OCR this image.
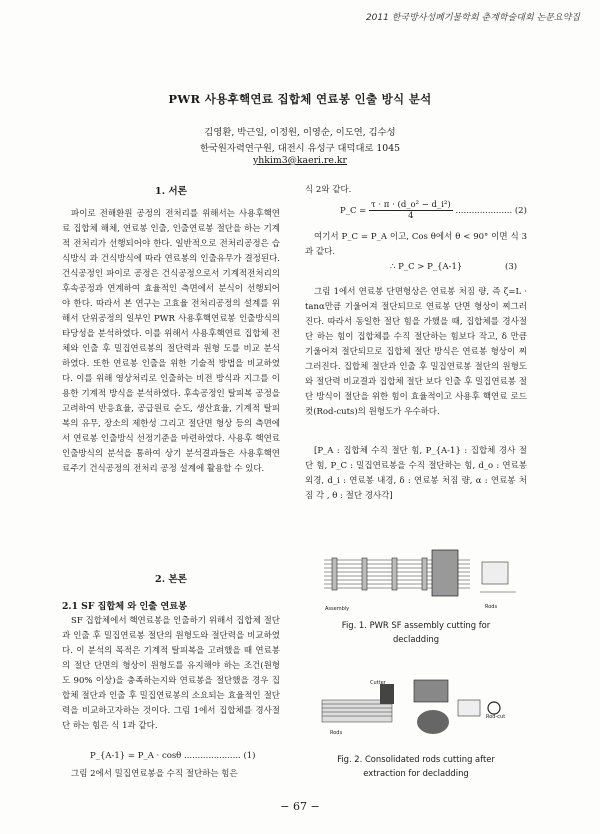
2011 한국방사성폐기물학회 춘계학술대회 논문요약집
PWR 사용후핵연료 집합체 연료봉 인출 방식 분석
김영환, 박근일, 이정원, 이영순, 이도연, 김수성
한국원자력연구원, 대전시 유성구 대덕대로 1045
yhkim3@kaeri.re.kr
1. 서론

파이로 전해환원 공정의 전처리를 위해서는 사용후핵연료 집합체 해체, 연료봉 인출, 인출연료봉 절단을 하는 기계적 전처리가 선행되어야 한다. 일반적으로 전처리공정은 습식방식 과 건식방식에 따라 연료봉의 인출유무가 결정된다. 건식공정인 파이로 공정은 건식공정으로서 기계적전처리의 후속공정과 연계하여 효율적인 측면에서 분식이 선행되어야 한다. 따라서 본 연구는 고효율 전처리공정의 설계를 위해서 단위공정의 일부인 PWR 사용후핵연료봉 인출방식의 타당성을 분석하였다. 이를 위해서 사용후핵연료 집합체 전체와 인출 후 밀집연료봉의 절단력과 원형 도를 비교 분석하였다. 또한 연료봉 인출을 위한 기술적 방법을 비교하였다. 이를 위해 영상처리로 인출하는 비전 방식과 지그를 이용한 기계적 방식을 분석하였다. 후속공정인 탈피복 공정을 고려하여 반응효율, 공급원료 순도, 생산효율, 기계적 탈피복의 유무, 장소의 제한성 그리고 절단면 형상 등의 측면에서 연료봉 인출방식 선정기준을 마련하였다. 사용후 핵연료 인출방식의 분석을 통하여 상기 분석결과들은 사용후핵연료주기 건식공정의 전처리 공정 설계에 활용할 수 있다.

2. 본론
2.1 SF 집합체 와 인출 연료봉

SF 집합체에서 핵연료봉을 인출하기 위해서 집합체 절단과 인출 후 밀집연료봉 절단의 원형도와 절단력을 비교하였다. 이 분석의 목적은 기계적 탈피복을 고려했을 때 연료봉의 절단 단면의 형상이 원형도를 유지해야 하는 조건(원형도 90% 이상)을 충족하는지와 연료봉을 절단했을 경우 집합체 절단과 인출 후 밀집연료봉의 소요되는 효율적인 절단력을 비교하고자하는 것이다. 그림 1에서 집합체를 경사절단 하는 힘은 식 1과 같다.

P_{A-1} = P_A · cosθ ..................... (1)

그림 2에서 밀집연료봉을 수직 절단하는 힘은

식 2와 같다.
P_C = $\frac{\text{τ · π · (d\_o² − d\_i²)}}{4}$ ..................... (2)

여기서 P_C = P_A 이고, Cos θ에서 θ < 90° 이면 식 3과 같다.

∴ P_C > P_{A-1}	(3)

그림 1에서 연료봉 단면형상은 연료봉 처짐 량, 즉 ζ=L · tanα만큼 기울어져 절단되므로 연료봉 단면 형상이 찌그러진다. 따라서 동일한 절단 힘을 가했을 때, 집합체를 경사절단 하는 힘이 집합체를 수직 절단하는 힘보다 작고, δ 만큼 기울어져 절단되므로 집합체 절단 방식은 연료봉 형상이 찌그러진다. 집합체 절단과 인출 후 밀집연료봉 절단의 원형도와 절단력 비교결과 집합체 절단 보다 인출 후 밀집연료봉 절단 방식이 절단을 위한 힘이 효율적이고 사용후 핵연료 로드컷(Rod-cuts)의 원형도가 우수하다.

[P_A : 집합체 수직 절단 힘, P_{A-1} : 집합체 경사 절단 힘, P_C : 밀집연료봉을 수직 절단하는 힘, d_o : 연료봉 외경, d_i : 연료봉 내경, δ : 연료봉 처짐 량, α : 연료봉 처짐 각 , θ : 절단 경사각]

Assembly	Rods
Fig. 1. PWR SF assembly cutting for
decladding
Cutter
Rods
Rod-cut
Fig. 2. Consolidated rods cutting after
extraction for decladding
− 67 −
